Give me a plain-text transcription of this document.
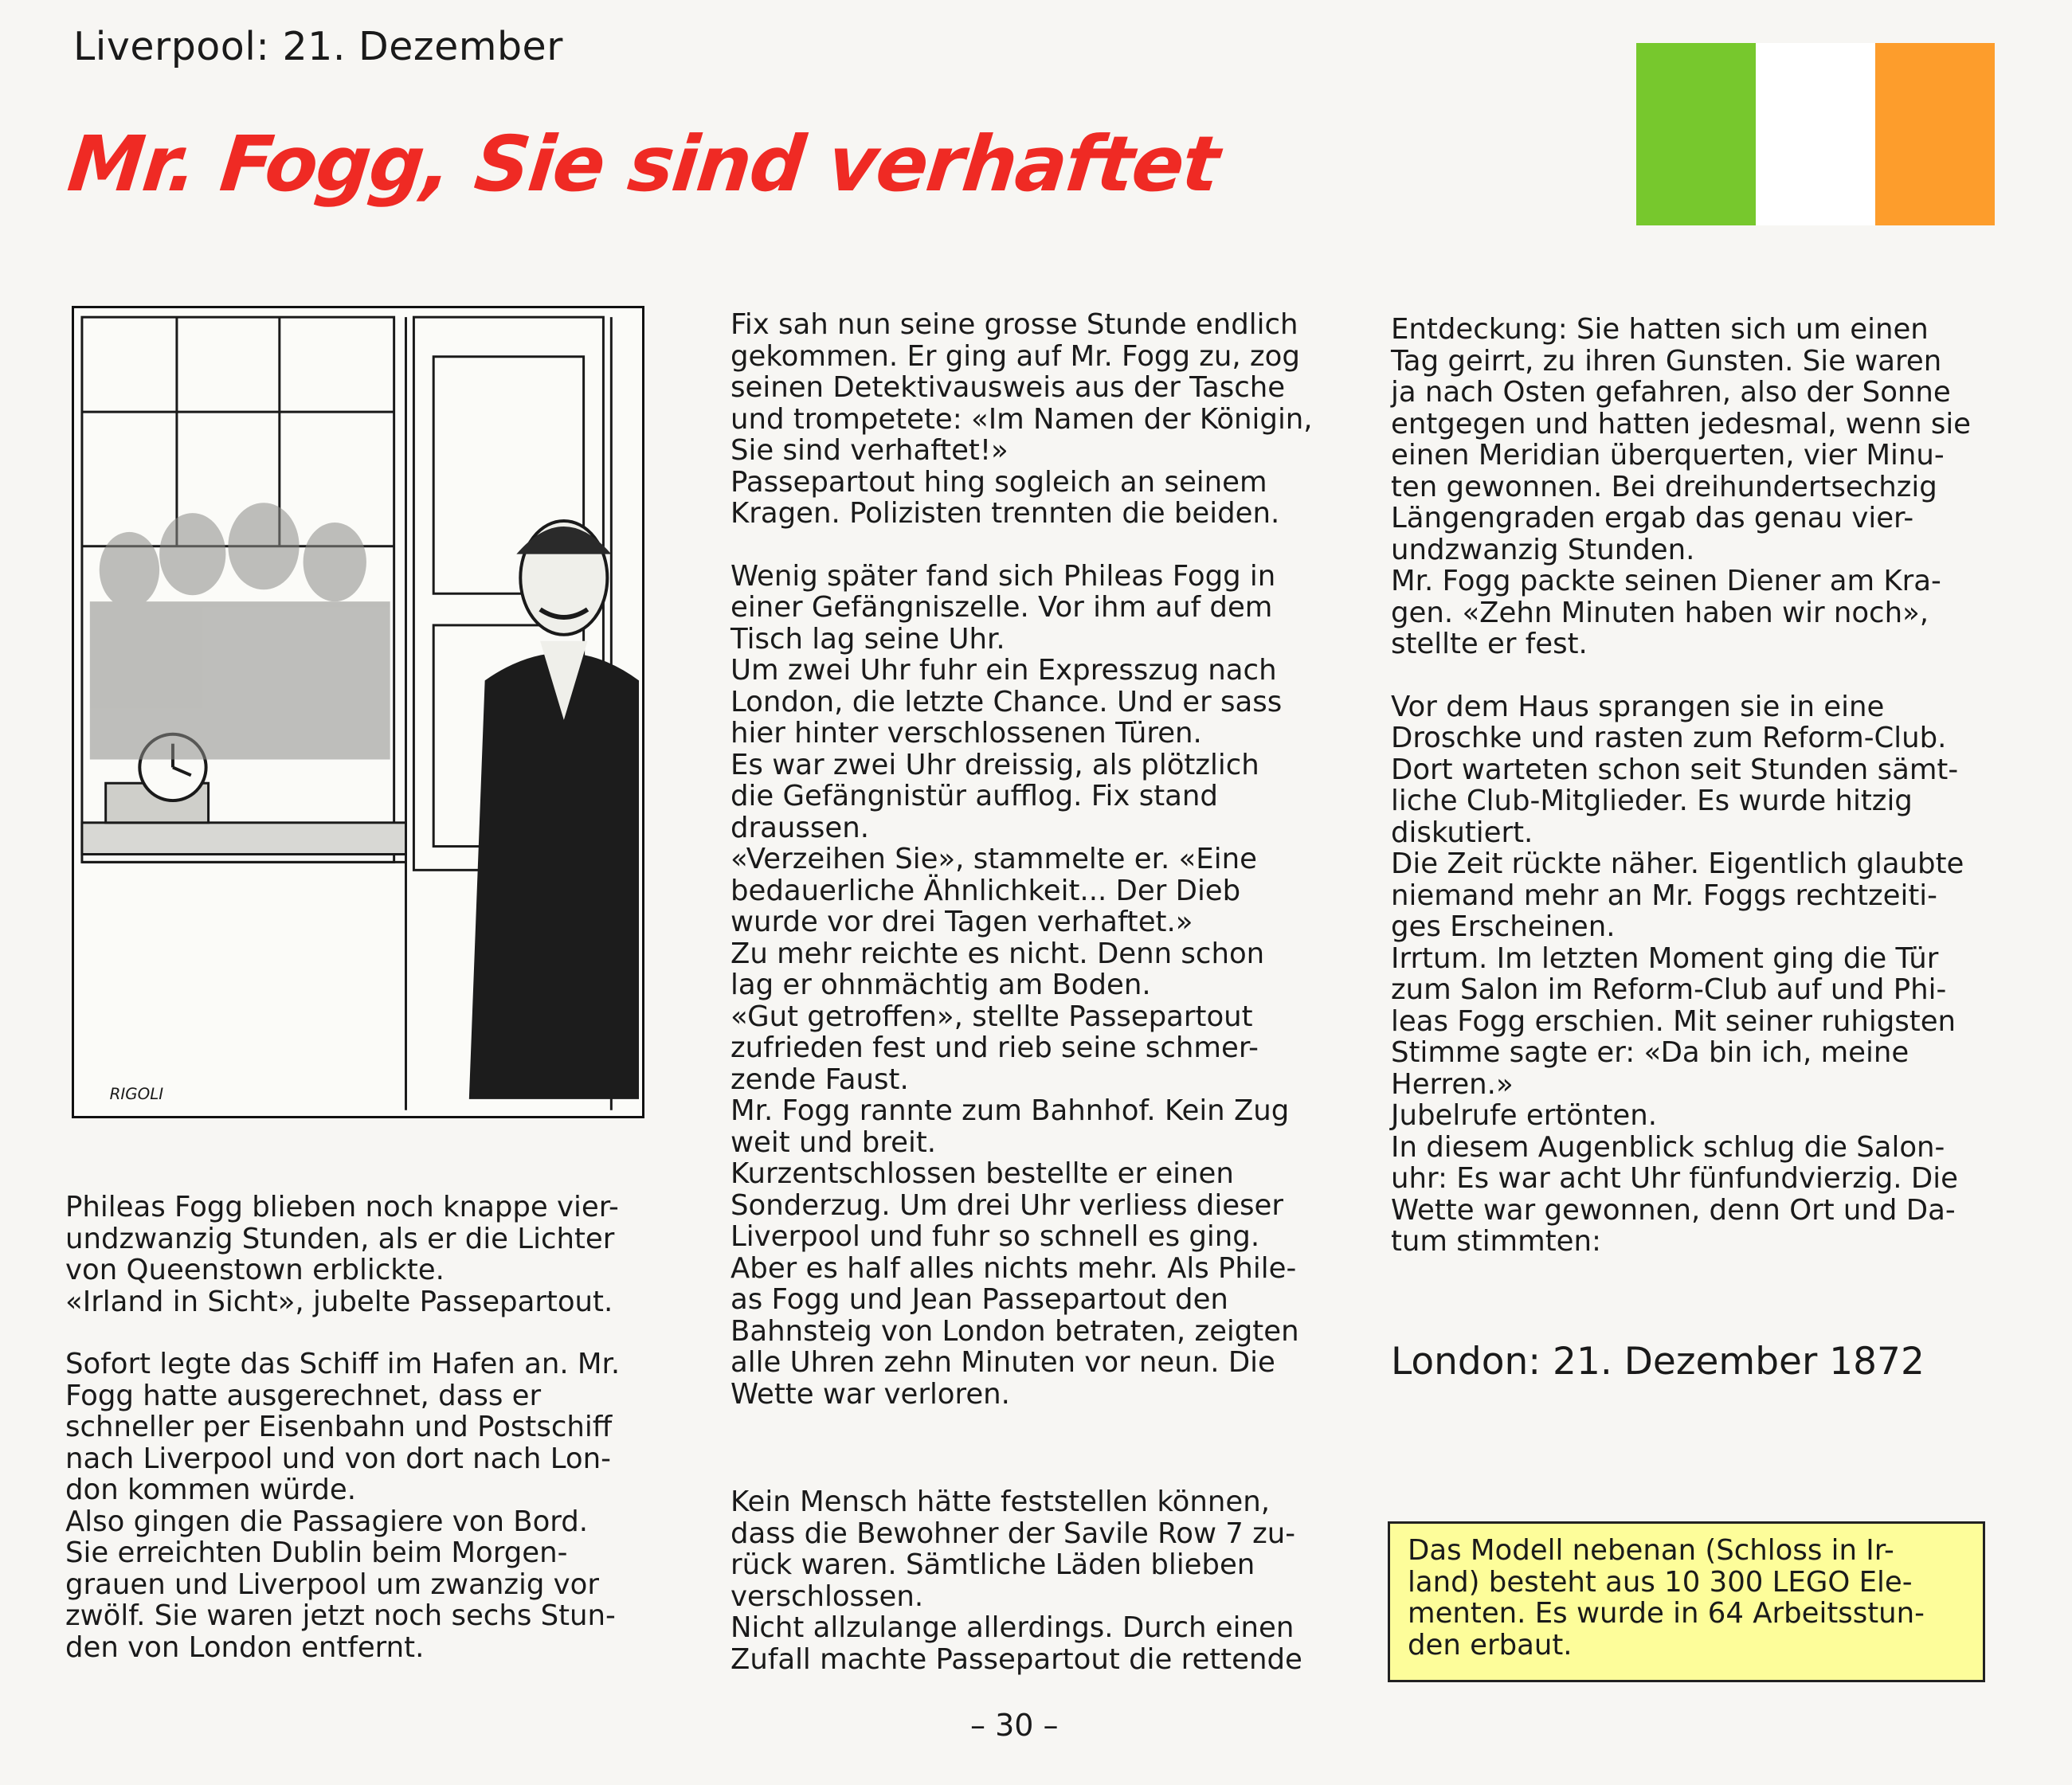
Liverpool: 21. Dezember
Mr. Fogg, Sie sind verhaftet
RIGOLI

Phileas Fogg blieben noch knappe vier-
undzwanzig Stunden, als er die Lichter
von Queenstown erblickte.
«Irland in Sicht», jubelte Passepartout.

Sofort legte das Schiff im Hafen an. Mr.
Fogg hatte ausgerechnet, dass er
schneller per Eisenbahn und Postschiff
nach Liverpool und von dort nach Lon-
don kommen würde.
Also gingen die Passagiere von Bord.
Sie erreichten Dublin beim Morgen-
grauen und Liverpool um zwanzig vor
zwölf. Sie waren jetzt noch sechs Stun-
den von London entfernt.

Fix sah nun seine grosse Stunde endlich
gekommen. Er ging auf Mr. Fogg zu, zog
seinen Detektivausweis aus der Tasche
und trompetete: «Im Namen der Königin,
Sie sind verhaftet!»
Passepartout hing sogleich an seinem
Kragen. Polizisten trennten die beiden.

Wenig später fand sich Phileas Fogg in
einer Gefängniszelle. Vor ihm auf dem
Tisch lag seine Uhr.
Um zwei Uhr fuhr ein Expresszug nach
London, die letzte Chance. Und er sass
hier hinter verschlossenen Türen.
Es war zwei Uhr dreissig, als plötzlich
die Gefängnistür aufflog. Fix stand
draussen.
«Verzeihen Sie», stammelte er. «Eine
bedauerliche Ähnlichkeit... Der Dieb
wurde vor drei Tagen verhaftet.»
Zu mehr reichte es nicht. Denn schon
lag er ohnmächtig am Boden.
«Gut getroffen», stellte Passepartout
zufrieden fest und rieb seine schmer-
zende Faust.
Mr. Fogg rannte zum Bahnhof. Kein Zug
weit und breit.
Kurzentschlossen bestellte er einen
Sonderzug. Um drei Uhr verliess dieser
Liverpool und fuhr so schnell es ging.
Aber es half alles nichts mehr. Als Phile-
as Fogg und Jean Passepartout den
Bahnsteig von London betraten, zeigten
alle Uhren zehn Minuten vor neun. Die
Wette war verloren.

Kein Mensch hätte feststellen können,
dass die Bewohner der Savile Row 7 zu-
rück waren. Sämtliche Läden blieben
verschlossen.
Nicht allzulange allerdings. Durch einen
Zufall machte Passepartout die rettende

Entdeckung: Sie hatten sich um einen
Tag geirrt, zu ihren Gunsten. Sie waren
ja nach Osten gefahren, also der Sonne
entgegen und hatten jedesmal, wenn sie
einen Meridian überquerten, vier Minu-
ten gewonnen. Bei dreihundertsechzig
Längengraden ergab das genau vier-
undzwanzig Stunden.
Mr. Fogg packte seinen Diener am Kra-
gen. «Zehn Minuten haben wir noch»,
stellte er fest.

Vor dem Haus sprangen sie in eine
Droschke und rasten zum Reform-Club.
Dort warteten schon seit Stunden sämt-
liche Club-Mitglieder. Es wurde hitzig
diskutiert.
Die Zeit rückte näher. Eigentlich glaubte
niemand mehr an Mr. Foggs rechtzeiti-
ges Erscheinen.
Irrtum. Im letzten Moment ging die Tür
zum Salon im Reform-Club auf und Phi-
leas Fogg erschien. Mit seiner ruhigsten
Stimme sagte er: «Da bin ich, meine
Herren.»
Jubelrufe ertönten.
In diesem Augenblick schlug die Salon-
uhr: Es war acht Uhr fünfundvierzig. Die
Wette war gewonnen, denn Ort und Da-
tum stimmten:

London: 21. Dezember 1872

Das Modell nebenan (Schloss in Ir-
land) besteht aus 10 300 LEGO Ele-
menten. Es wurde in 64 Arbeitsstun-
den erbaut.

– 30 –
